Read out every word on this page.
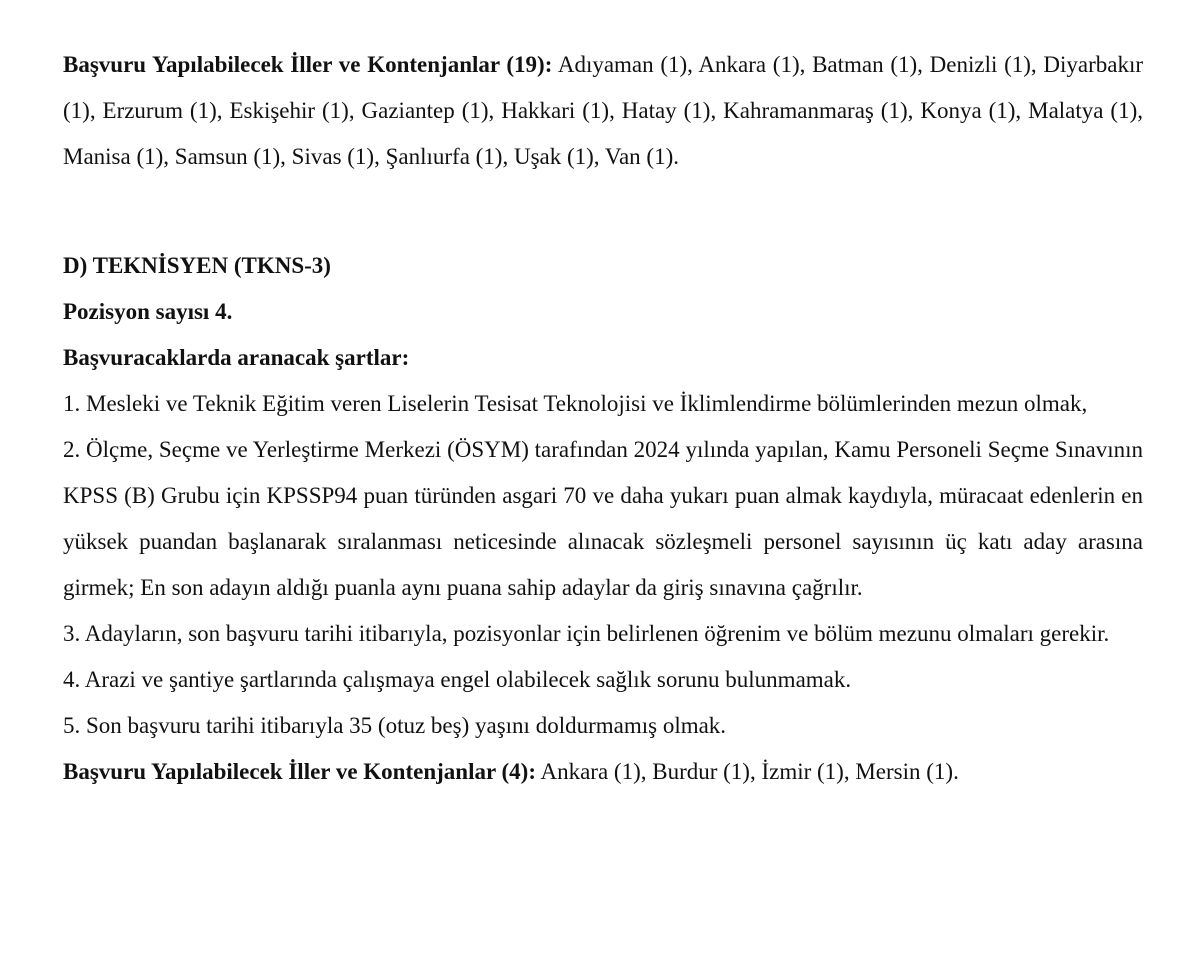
Başvuru Yapılabilecek İller ve Kontenjanlar (19): Adıyaman (1), Ankara (1), Batman (1), Denizli (1), Diyarbakır (1), Erzurum (1), Eskişehir (1), Gaziantep (1), Hakkari (1), Hatay (1), Kahramanmaraş (1), Konya (1), Malatya (1), Manisa (1), Samsun (1), Sivas (1), Şanlıurfa (1), Uşak (1), Van (1).

D) TEKNİSYEN (TKNS-3)

Pozisyon sayısı 4.

Başvuracaklarda aranacak şartlar:

1. Mesleki ve Teknik Eğitim veren Liselerin Tesisat Teknolojisi ve İklimlendirme bölümlerinden mezun olmak,

2. Ölçme, Seçme ve Yerleştirme Merkezi (ÖSYM) tarafından 2024 yılında yapılan, Kamu Personeli Seçme Sınavının KPSS (B) Grubu için KPSSP94 puan türünden asgari 70 ve daha yukarı puan almak kaydıyla, müracaat edenlerin en yüksek puandan başlanarak sıralanması neticesinde alınacak sözleşmeli personel sayısının üç katı aday arasına girmek; En son adayın aldığı puanla aynı puana sahip adaylar da giriş sınavına çağrılır.

3. Adayların, son başvuru tarihi itibarıyla, pozisyonlar için belirlenen öğrenim ve bölüm mezunu olmaları gerekir.

4. Arazi ve şantiye şartlarında çalışmaya engel olabilecek sağlık sorunu bulunmamak.

5. Son başvuru tarihi itibarıyla 35 (otuz beş) yaşını doldurmamış olmak.

Başvuru Yapılabilecek İller ve Kontenjanlar (4): Ankara (1), Burdur (1), İzmir (1), Mersin (1).
